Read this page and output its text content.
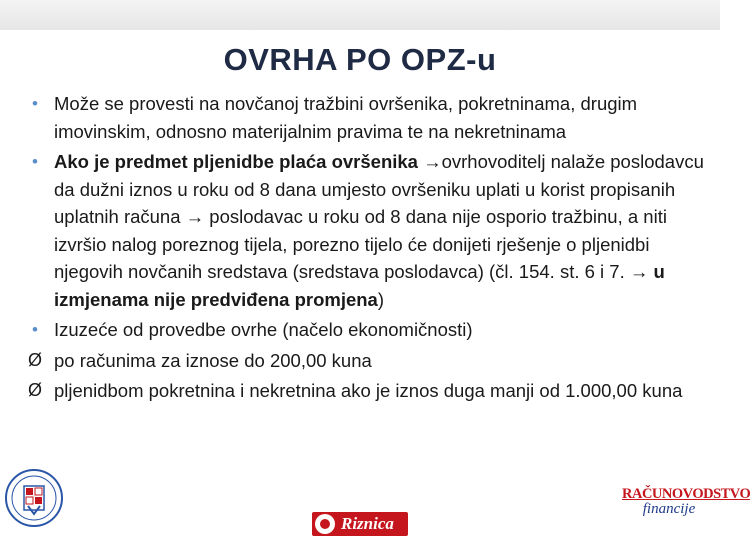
OVRHA PO OPZ-u
• Može se provesti na novčanoj tražbini ovršenika, pokretninama, drugim imovinskim, odnosno materijalnim pravima te na nekretninama
• Ako je predmet pljenidbe plaća ovršenika →ovrhovoditelj nalaže poslodavcu da dužni iznos u roku od 8 dana umjesto ovršeniku uplati u korist propisanih uplatnih računa → poslodavac u roku od 8 dana nije osporio tražbinu, a niti izvršio nalog poreznog tijela, porezno tijelo će donijeti rješenje o pljenidbi njegovih novčanih sredstava (sredstava poslodavca) (čl. 154. st. 6 i 7. → u izmjenama nije predviđena promjena)
• Izuzeće od provedbe ovrhe (načelo ekonomičnosti)
Ø po računima za iznose do 200,00 kuna
Ø pljenidbom pokretnina i nekretnina ako je iznos duga manji od 1.000,00 kuna
Riznica
RAČUNOVODSTVO
financije
